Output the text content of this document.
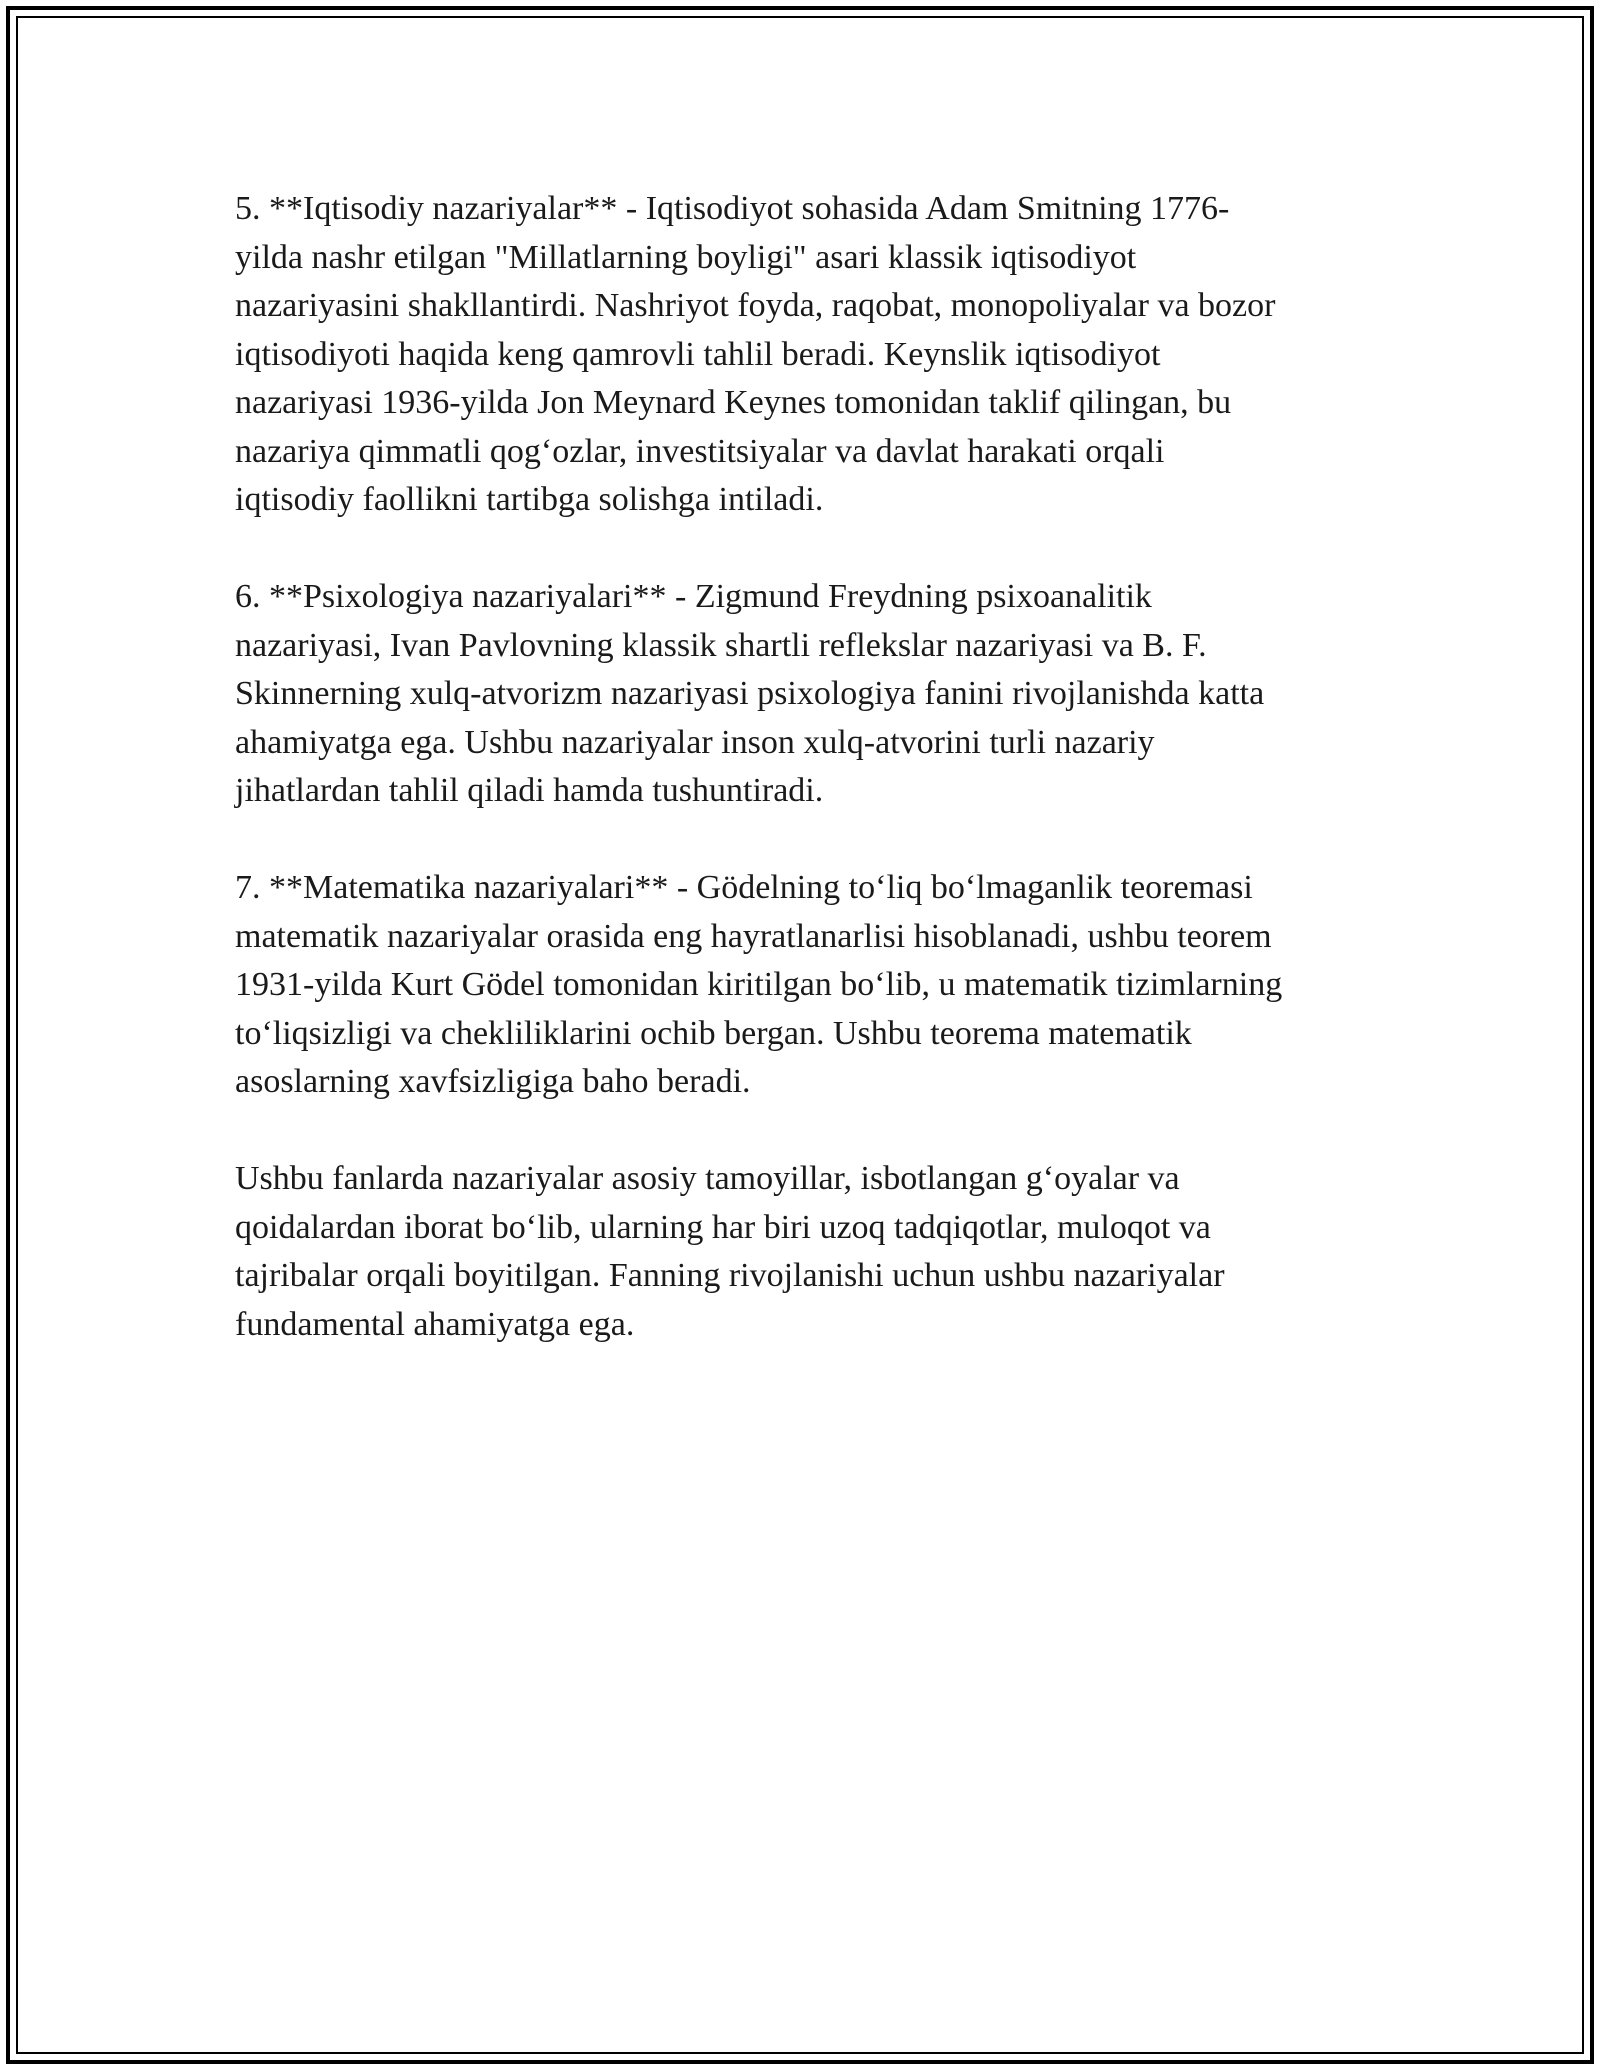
5. **Iqtisodiy nazariyalar** - Iqtisodiyot sohasida Adam Smitning 1776-
yilda nashr etilgan "Millatlarning boyligi" asari klassik iqtisodiyot
nazariyasini shakllantirdi. Nashriyot foyda, raqobat, monopoliyalar va bozor
iqtisodiyoti haqida keng qamrovli tahlil beradi. Keynslik iqtisodiyot
nazariyasi 1936-yilda Jon Meynard Keynes tomonidan taklif qilingan, bu
nazariya qimmatli qog‘ozlar, investitsiyalar va davlat harakati orqali
iqtisodiy faollikni tartibga solishga intiladi.

6. **Psixologiya nazariyalari** - Zigmund Freydning psixoanalitik
nazariyasi, Ivan Pavlovning klassik shartli reflekslar nazariyasi va B. F.
Skinnerning xulq-atvorizm nazariyasi psixologiya fanini rivojlanishda katta
ahamiyatga ega. Ushbu nazariyalar inson xulq-atvorini turli nazariy
jihatlardan tahlil qiladi hamda tushuntiradi.

7. **Matematika nazariyalari** - Gödelning to‘liq bo‘lmaganlik teoremasi
matematik nazariyalar orasida eng hayratlanarlisi hisoblanadi, ushbu teorem
1931-yilda Kurt Gödel tomonidan kiritilgan bo‘lib, u matematik tizimlarning
to‘liqsizligi va chekliliklarini ochib bergan. Ushbu teorema matematik
asoslarning xavfsizligiga baho beradi.

Ushbu fanlarda nazariyalar asosiy tamoyillar, isbotlangan g‘oyalar va
qoidalardan iborat bo‘lib, ularning har biri uzoq tadqiqotlar, muloqot va
tajribalar orqali boyitilgan. Fanning rivojlanishi uchun ushbu nazariyalar
fundamental ahamiyatga ega.
